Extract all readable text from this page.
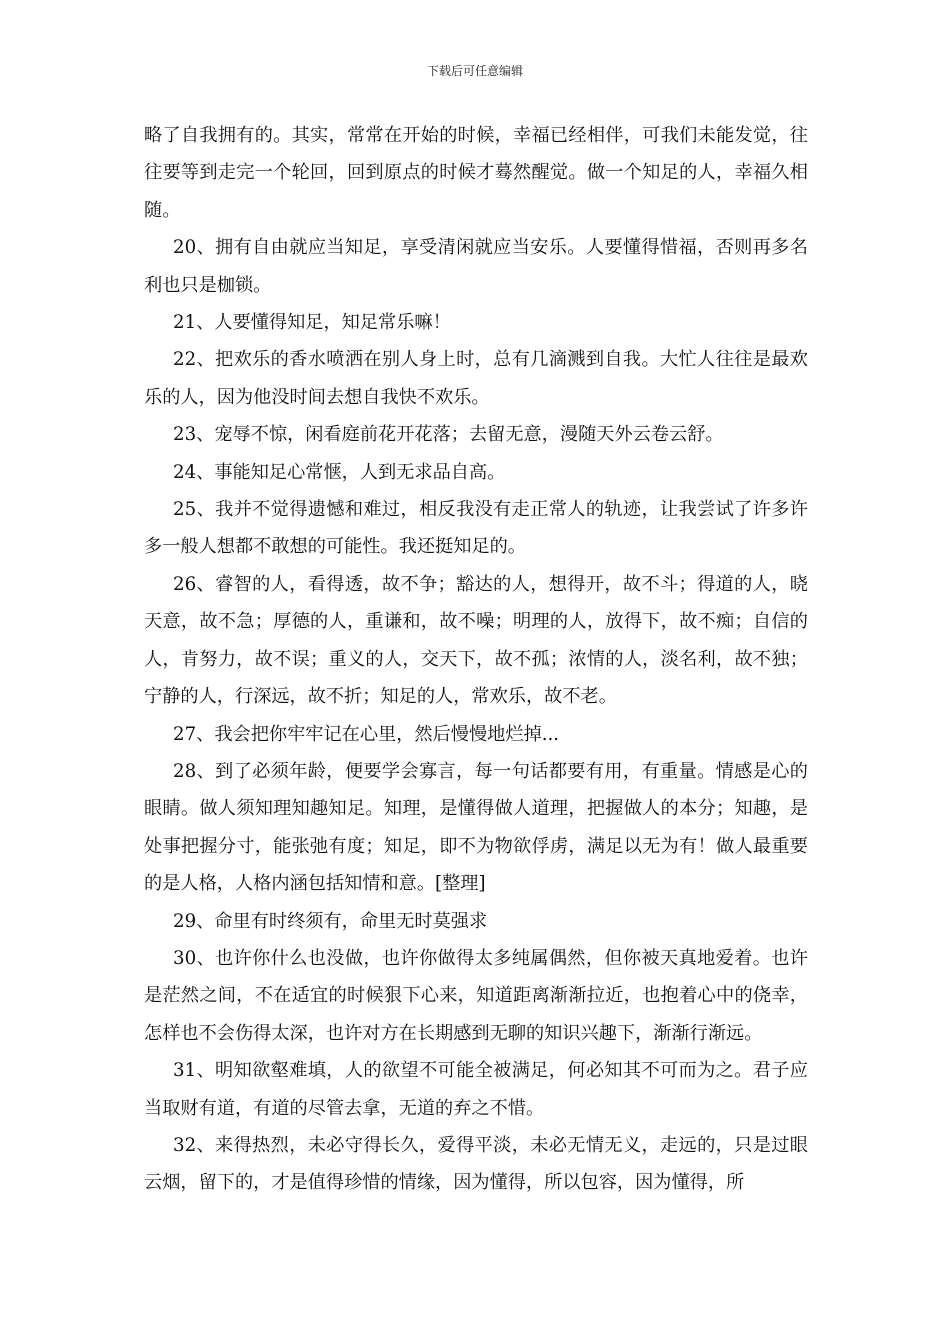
下载后可任意编辑

略了自我拥有的。其实，常常在开始的时候，幸福已经相伴，可我们未能发觉，往往要等到走完一个轮回，回到原点的时候才蓦然醒觉。做一个知足的人，幸福久相随。

20、拥有自由就应当知足，享受清闲就应当安乐。人要懂得惜福，否则再多名利也只是枷锁。

21、人要懂得知足，知足常乐嘛！

22、把欢乐的香水喷洒在别人身上时，总有几滴溅到自我。大忙人往往是最欢乐的人，因为他没时间去想自我快不欢乐。

23、宠辱不惊，闲看庭前花开花落；去留无意，漫随天外云卷云舒。

24、事能知足心常惬，人到无求品自高。

25、我并不觉得遗憾和难过，相反我没有走正常人的轨迹，让我尝试了许多许多一般人想都不敢想的可能性。我还挺知足的。

26、睿智的人，看得透，故不争；豁达的人，想得开，故不斗；得道的人，晓天意，故不急；厚德的人，重谦和，故不噪；明理的人，放得下，故不痴；自信的人，肯努力，故不误；重义的人，交天下，故不孤；浓情的人，淡名利，故不独；宁静的人，行深远，故不折；知足的人，常欢乐，故不老。

27、我会把你牢牢记在心里，然后慢慢地烂掉...

28、到了必须年龄，便要学会寡言，每一句话都要有用，有重量。情感是心的眼睛。做人须知理知趣知足。知理，是懂得做人道理，把握做人的本分；知趣，是处事把握分寸，能张弛有度；知足，即不为物欲俘虏，满足以无为有！做人最重要的是人格，人格内涵包括知情和意。[整理]

29、命里有时终须有，命里无时莫强求

30、也许你什么也没做，也许你做得太多纯属偶然，但你被天真地爱着。也许是茫然之间，不在适宜的时候狠下心来，知道距离渐渐拉近，也抱着心中的侥幸，怎样也不会伤得太深，也许对方在长期感到无聊的知识兴趣下，渐渐行渐远。

31、明知欲壑难填，人的欲望不可能全被满足，何必知其不可而为之。君子应当取财有道，有道的尽管去拿，无道的弃之不惜。

32、来得热烈，未必守得长久，爱得平淡，未必无情无义，走远的，只是过眼云烟，留下的，才是值得珍惜的情缘，因为懂得，所以包容，因为懂得，所
